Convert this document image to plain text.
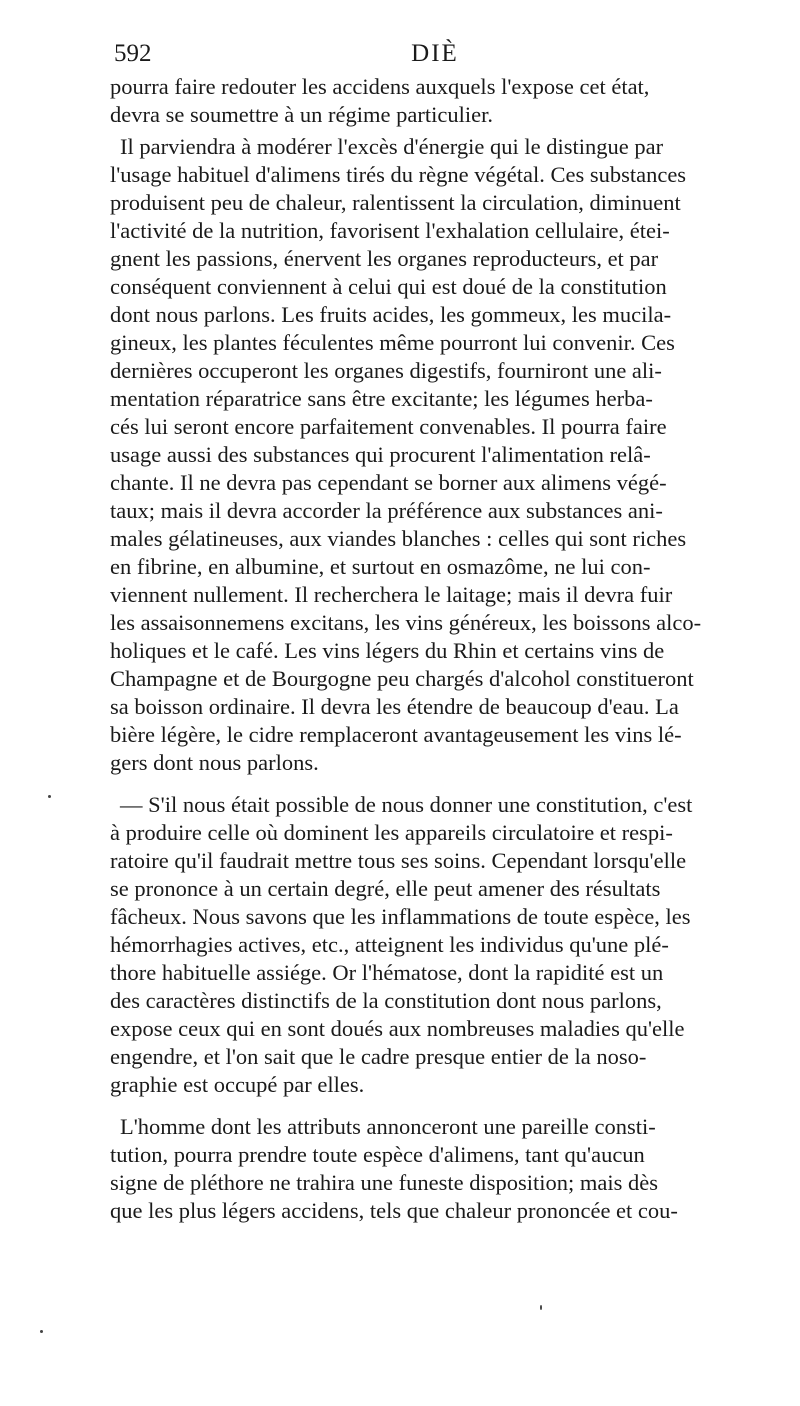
592	DIÈ
pourra faire redouter les accidens auxquels l'expose cet état,
devra se soumettre à un régime particulier.
Il parviendra à modérer l'excès d'énergie qui le distingue par
l'usage habituel d'alimens tirés du règne végétal. Ces substances
produisent peu de chaleur, ralentissent la circulation, diminuent
l'activité de la nutrition, favorisent l'exhalation cellulaire, étei-
gnent les passions, énervent les organes reproducteurs, et par
conséquent conviennent à celui qui est doué de la constitution
dont nous parlons. Les fruits acides, les gommeux, les mucila-
gineux, les plantes féculentes même pourront lui convenir. Ces
dernières occuperont les organes digestifs, fourniront une ali-
mentation réparatrice sans être excitante; les légumes herba-
cés lui seront encore parfaitement convenables. Il pourra faire
usage aussi des substances qui procurent l'alimentation relâ-
chante. Il ne devra pas cependant se borner aux alimens végé-
taux; mais il devra accorder la préférence aux substances ani-
males gélatineuses, aux viandes blanches : celles qui sont riches
en fibrine, en albumine, et surtout en osmazôme, ne lui con-
viennent nullement. Il recherchera le laitage; mais il devra fuir
les assaisonnemens excitans, les vins généreux, les boissons alco-
holiques et le café. Les vins légers du Rhin et certains vins de
Champagne et de Bourgogne peu chargés d'alcohol constitueront
sa boisson ordinaire. Il devra les étendre de beaucoup d'eau. La
bière légère, le cidre remplaceront avantageusement les vins lé-
gers dont nous parlons.
— S'il nous était possible de nous donner une constitution, c'est
à produire celle où dominent les appareils circulatoire et respi-
ratoire qu'il faudrait mettre tous ses soins. Cependant lorsqu'elle
se prononce à un certain degré, elle peut amener des résultats
fâcheux. Nous savons que les inflammations de toute espèce, les
hémorrhagies actives, etc., atteignent les individus qu'une plé-
thore habituelle assiége. Or l'hématose, dont la rapidité est un
des caractères distinctifs de la constitution dont nous parlons,
expose ceux qui en sont doués aux nombreuses maladies qu'elle
engendre, et l'on sait que le cadre presque entier de la noso-
graphie est occupé par elles.
L'homme dont les attributs annonceront une pareille consti-
tution, pourra prendre toute espèce d'alimens, tant qu'aucun
signe de pléthore ne trahira une funeste disposition; mais dès
que les plus légers accidens, tels que chaleur prononcée et cou-
